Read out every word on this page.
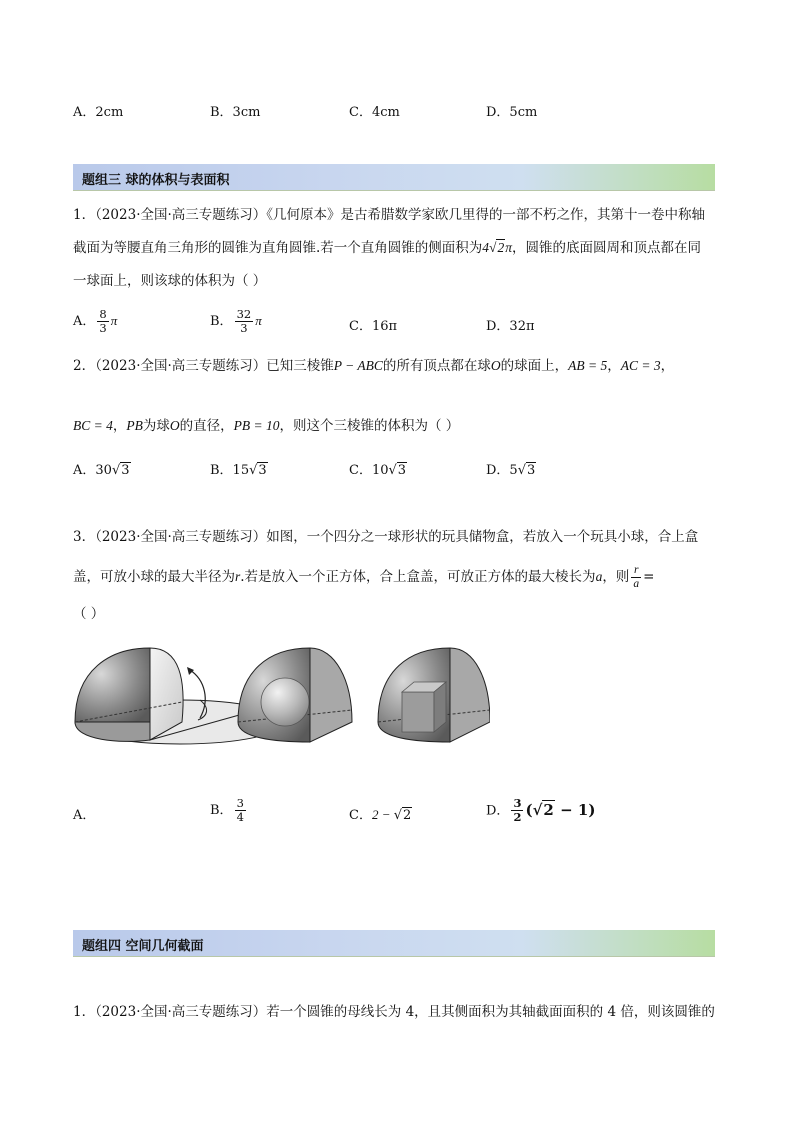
A．2cm	B．3cm	C．4cm	D．5cm
题组三 球的体积与表面积
1．（2023·全国·高三专题练习）《几何原本》是古希腊数学家欧几里得的一部不朽之作，其第十一卷中称轴
截面为等腰直角三角形的圆锥为直角圆锥.若一个直角圆锥的侧面积为4√2π，圆锥的底面圆周和顶点都在同
一球面上，则该球的体积为（ ）
A． $\frac{8}{3}$ π	B． $\frac{32}{3}$ π	C．16π	D．32π
2．（2023·全国·高三专题练习）已知三棱锥P − ABC的所有顶点都在球O的球面上，AB = 5，AC = 3，
BC = 4，PB为球O的直径，PB = 10，则这个三棱锥的体积为（ ）
A．30√3	B．15√3	C．10√3	D．5√3
3．（2023·全国·高三专题练习）如图，一个四分之一球形状的玩具储物盒，若放入一个玩具小球，合上盒
盖，可放小球的最大半径为r.若是放入一个正方体，合上盒盖，可放正方体的最大棱长为a，则 $\frac{r}{a}$ =
（ ）
A．	B． $\frac{3}{4}$	C．2 − √2	D． $\frac{3}{2} (√2 - 1)$
题组四 空间几何截面
1．（2023·全国·高三专题练习）若一个圆锥的母线长为 4，且其侧面积为其轴截面面积的 4 倍，则该圆锥的
